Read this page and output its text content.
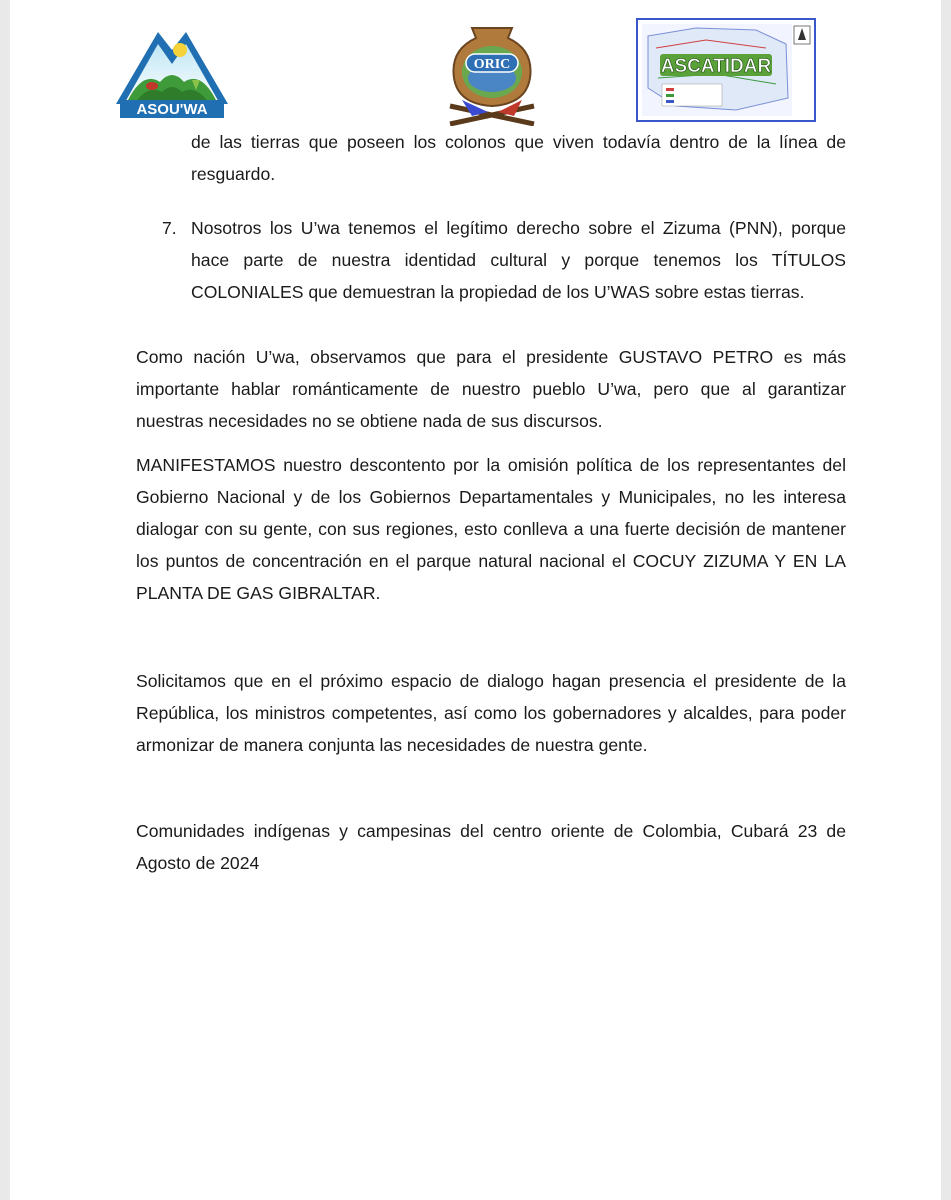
ASOU'WA
ORIC	ASCATIDAR
de las tierras que poseen los colonos que viven todavía dentro de la línea de resguardo.
7. Nosotros los U’wa tenemos el legítimo derecho sobre el Zizuma (PNN), porque hace parte de nuestra identidad cultural y porque tenemos los TÍTULOS COLONIALES que demuestran la propiedad de los U’WAS sobre estas tierras.
Como nación U’wa, observamos que para el presidente GUSTAVO PETRO es más importante hablar románticamente de nuestro pueblo U’wa, pero que al garantizar nuestras necesidades no se obtiene nada de sus discursos.
MANIFESTAMOS nuestro descontento por la omisión política de los representantes del Gobierno Nacional y de los Gobiernos Departamentales y Municipales, no les interesa dialogar con su gente, con sus regiones, esto conlleva a una fuerte decisión de mantener los puntos de concentración en el parque natural nacional el COCUY ZIZUMA Y EN LA PLANTA DE GAS GIBRALTAR.
Solicitamos que en el próximo espacio de dialogo hagan presencia el presidente de la República, los ministros competentes, así como los gobernadores y alcaldes, para poder armonizar de manera conjunta las necesidades de nuestra gente.
Comunidades indígenas y campesinas del centro oriente de Colombia, Cubará 23 de Agosto de 2024
